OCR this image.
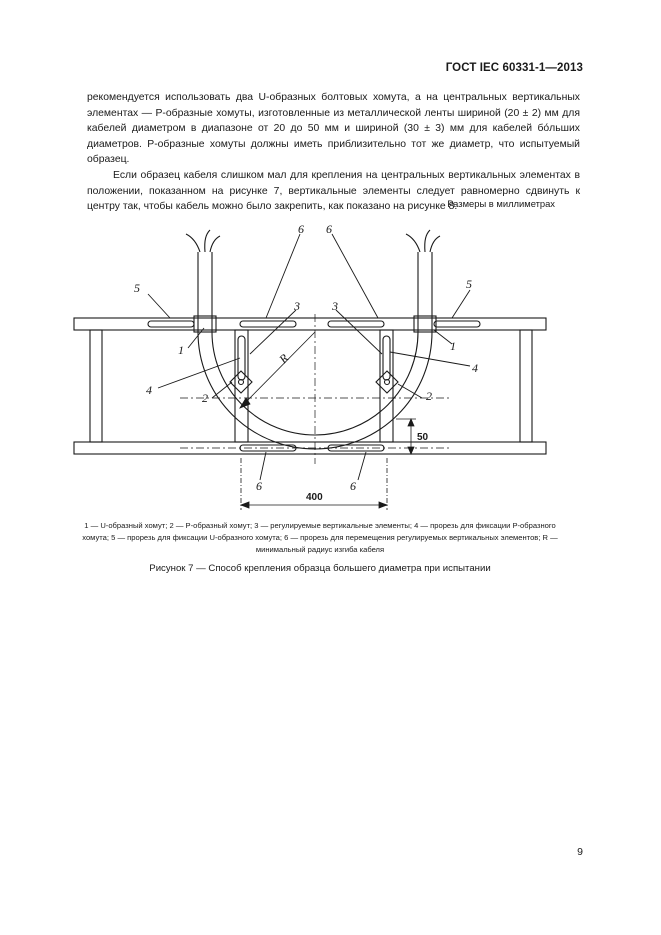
ГОСТ IEC 60331-1—2013

рекомендуется использовать два U-образных болтовых хомута, а на центральных вертикальных элементах — Р-образные хомуты, изготовленные из металлической ленты шириной (20 ± 2) мм для кабелей диаметром в диапазоне от 20 до 50 мм и шириной (30 ± 3) мм для кабелей бо́льших диаметров. Р-образные хомуты должны иметь приблизительно тот же диаметр, что испытуемый образец.

Если образец кабеля слишком мал для крепления на центральных вертикальных элементах в положении, показанном на рисунке 7, вертикальные элементы следует равномерно сдвинуть к центру так, чтобы кабель можно было закрепить, как показано на рисунке 8.

Размеры в миллиметрах
5	5
6 6
1	1
3	3
4
4
2	2
6	6
R
50
400
1 — U-образный хомут; 2 — Р-образный хомут; 3 — регулируемые вертикальные элементы; 4 — прорезь для фиксации Р-образного хомута; 5 — прорезь для фиксации U-образного хомута; 6 — прорезь для перемещения регулируемых вертикальных элементов; R — минимальный радиус изгиба кабеля
Рисунок 7 — Способ крепления образца большего диаметра при испытании
9
